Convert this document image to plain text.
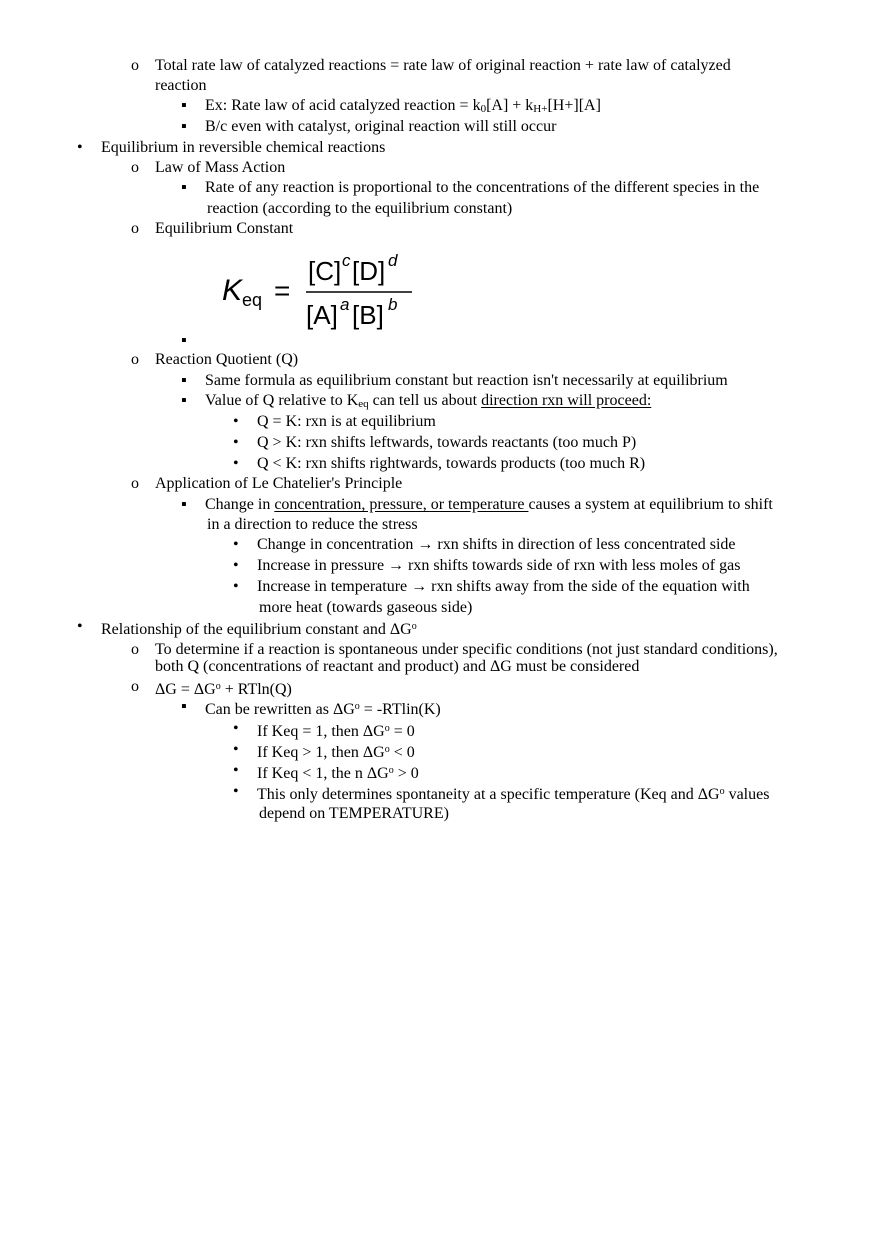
o Total rate law of catalyzed reactions = rate law of original reaction + rate law of catalyzed
reaction
▪ Ex: Rate law of acid catalyzed reaction = $k_0[A] + k_{H+}[H+][A]$
▪ B/c even with catalyst, original reaction will still occur
• Equilibrium in reversible chemical reactions
o Law of Mass Action
▪ Rate of any reaction is proportional to the concentrations of the different species in the
reaction (according to the equilibrium constant)
o Equilibrium Constant
K eq =
[C] c [D] d
[A] a [B] b
▪
o Reaction Quotient (Q)
▪ Same formula as equilibrium constant but reaction isn't necessarily at equilibrium
▪ Value of Q relative to $K_{eq}$ can tell us about direction rxn will proceed:
• Q = K: rxn is at equilibrium
• Q > K: rxn shifts leftwards, towards reactants (too much P)
• Q < K: rxn shifts rightwards, towards products (too much R)
o Application of Le Chatelier's Principle
▪ Change in concentration, pressure, or temperature causes a system at equilibrium to shift
in a direction to reduce the stress
• Change in concentration → rxn shifts in direction of less concentrated side
• Increase in pressure → rxn shifts towards side of rxn with less moles of gas
• Increase in temperature → rxn shifts away from the side of the equation with
more heat (towards gaseous side)
• Relationship of the equilibrium constant and $\Delta G^o$
o To determine if a reaction is spontaneous under specific conditions (not just standard conditions),
both Q (concentrations of reactant and product) and ΔG must be considered
o $\Delta G = \Delta G^o + RTln(Q)$
▪ Can be rewritten as $\Delta G^o$ = -RTlin(K)
• If Keq = 1, then $\Delta G^o = 0$
• If Keq > 1, then $\Delta G^o < 0$
• If Keq < 1, the n $\Delta G^o > 0$
• This only determines spontaneity at a specific temperature (Keq and $\Delta G^o$ values
depend on TEMPERATURE)
